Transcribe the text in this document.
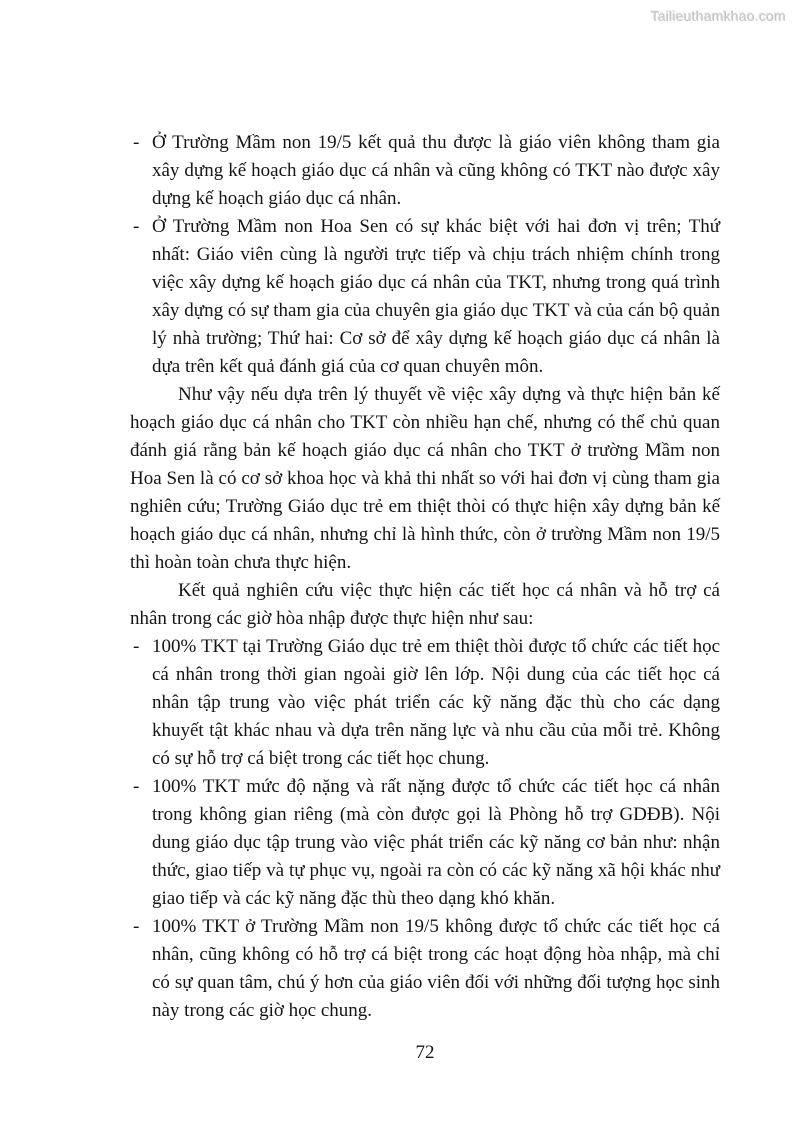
Tailieuthamkhao.com
- Ở Trường Mầm non 19/5 kết quả thu được là giáo viên không tham gia xây dựng kế hoạch giáo dục cá nhân và cũng không có TKT nào được xây dựng kế hoạch giáo dục cá nhân.
- Ở Trường Mầm non Hoa Sen có sự khác biệt với hai đơn vị trên; Thứ nhất: Giáo viên cùng là người trực tiếp và chịu trách nhiệm chính trong việc xây dựng kế hoạch giáo dục cá nhân của TKT, nhưng trong quá trình xây dựng có sự tham gia của chuyên gia giáo dục TKT và của cán bộ quản lý nhà trường; Thứ hai: Cơ sở để xây dựng kế hoạch giáo dục cá nhân là dựa trên kết quả đánh giá của cơ quan chuyên môn.

Như vậy nếu dựa trên lý thuyết về việc xây dựng và thực hiện bản kế hoạch giáo dục cá nhân cho TKT còn nhiều hạn chế, nhưng có thể chủ quan đánh giá rằng bản kế hoạch giáo dục cá nhân cho TKT ở trường Mầm non Hoa Sen là có cơ sở khoa học và khả thi nhất so với hai đơn vị cùng tham gia nghiên cứu; Trường Giáo dục trẻ em thiệt thòi có thực hiện xây dựng bản kế hoạch giáo dục cá nhân, nhưng chỉ là hình thức, còn ở trường Mầm non 19/5 thì hoàn toàn chưa thực hiện.

Kết quả nghiên cứu việc thực hiện các tiết học cá nhân và hỗ trợ cá nhân trong các giờ hòa nhập được thực hiện như sau:

- 100% TKT tại Trường Giáo dục trẻ em thiệt thòi được tổ chức các tiết học cá nhân trong thời gian ngoài giờ lên lớp. Nội dung của các tiết học cá nhân tập trung vào việc phát triển các kỹ năng đặc thù cho các dạng khuyết tật khác nhau và dựa trên năng lực và nhu cầu của mỗi trẻ. Không có sự hỗ trợ cá biệt trong các tiết học chung.
- 100% TKT mức độ nặng và rất nặng được tổ chức các tiết học cá nhân trong không gian riêng (mà còn được gọi là Phòng hỗ trợ GDĐB). Nội dung giáo dục tập trung vào việc phát triển các kỹ năng cơ bản như: nhận thức, giao tiếp và tự phục vụ, ngoài ra còn có các kỹ năng xã hội khác như giao tiếp và các kỹ năng đặc thù theo dạng khó khăn.
- 100% TKT ở Trường Mầm non 19/5 không được tổ chức các tiết học cá nhân, cũng không có hỗ trợ cá biệt trong các hoạt động hòa nhập, mà chỉ có sự quan tâm, chú ý hơn của giáo viên đối với những đối tượng học sinh này trong các giờ học chung.
72
